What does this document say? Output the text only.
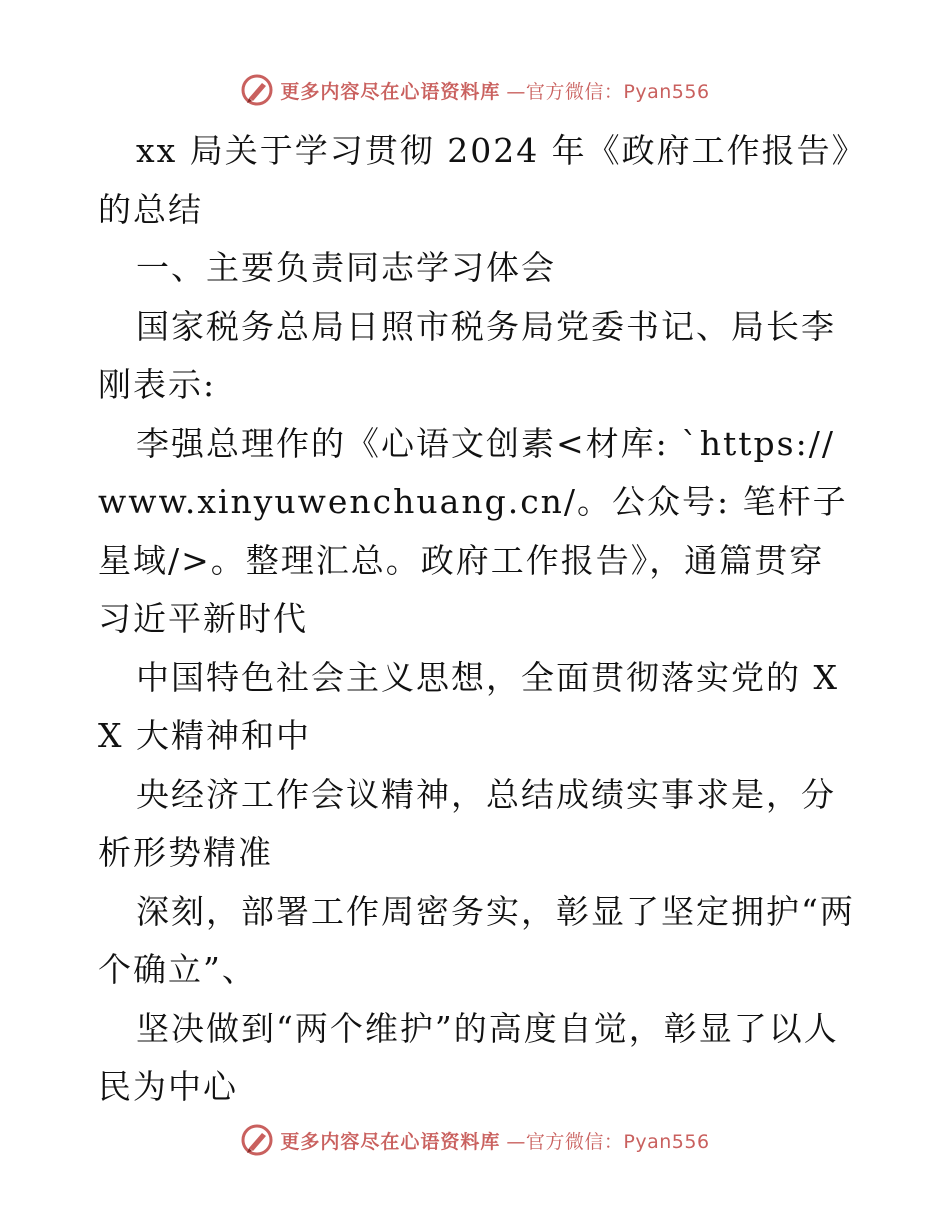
更多内容尽在心语资料库 —官方微信：Pyan556

xx 局关于学习贯彻 2024 年《政府工作报告》的总结

一、主要负责同志学习体会

国家税务总局日照市税务局党委书记、局长李刚表示:

李强总理作的《心语文创素<材库: `https:// www.xinyuwenchuang.cn/。公众号: 笔杆子星域/>。整理汇总。政府工作报告》，通篇贯穿习近平新时代

中国特色社会主义思想，全面贯彻落实党的 XX 大精神和中

央经济工作会议精神，总结成绩实事求是，分析形势精准

深刻，部署工作周密务实，彰显了坚定拥护“两个确立”、

坚决做到“两个维护”的高度自觉，彰显了以人民为中心

更多内容尽在心语资料库 —官方微信：Pyan556
